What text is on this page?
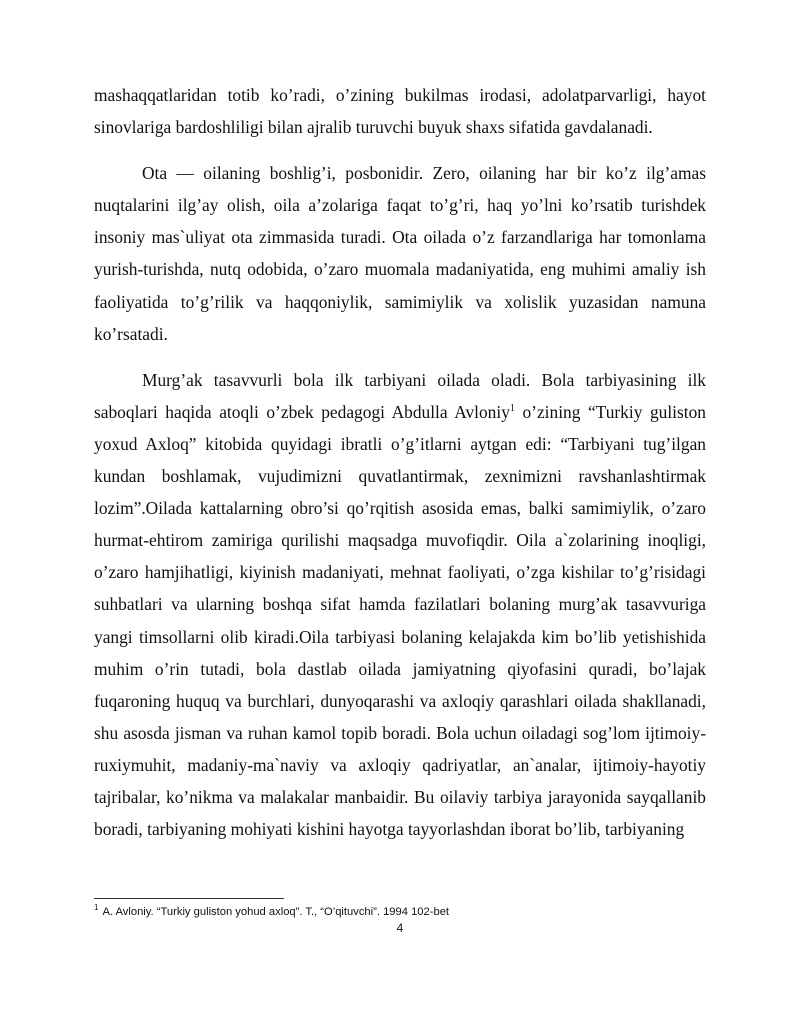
mashaqqatlaridan totib ko’radi, o’zining bukilmas irodasi, adolatparvarligi, hayot sinovlariga bardoshliligi bilan ajralib turuvchi buyuk shaxs sifatida gavdalanadi.

Ota — oilaning boshlig’i, posbonidir. Zero, oilaning har bir ko’z ilg’amas nuqtalarini ilg’ay olish, oila a’zolariga faqat to’g’ri, haq yo’lni ko’rsatib turishdek insoniy mas`uliyat ota zimmasida turadi. Ota oilada o’z farzandlariga har tomonlama yurish-turishda, nutq odobida, o’zaro muomala madaniyatida, eng muhimi amaliy ish faoliyatida to’g’rilik va haqqoniylik, samimiylik va xolislik yuzasidan namuna ko’rsatadi.

Murg’ak tasavvurli bola ilk tarbiyani oilada oladi. Bola tarbiyasining ilk saboqlari haqida atoqli o’zbek pedagogi Abdulla Avloniy$^1$ o’zining “Turkiy guliston yoxud Axloq” kitobida quyidagi ibratli o’g’itlarni aytgan edi: “Tarbiyani tug’ilgan kundan boshlamak, vujudimizni quvatlantirmak, zexnimizni ravshanlashtirmak lozim”.Oilada kattalarning obro’si qo’rqitish asosida emas, balki samimiylik, o’zaro hurmat-ehtirom zamiriga qurilishi maqsadga muvofiqdir. Oila a`zolarining inoqligi, o’zaro hamjihatligi, kiyinish madaniyati, mehnat faoliyati, o’zga kishilar to’g’risidagi suhbatlari va ularning boshqa sifat hamda fazilatlari bolaning murg’ak tasavvuriga yangi timsollarni olib kiradi.Oila tarbiyasi bolaning kelajakda kim bo’lib yetishishida muhim o’rin tutadi, bola dastlab oilada jamiyatning qiyofasini quradi, bo’lajak fuqaroning huquq va burchlari, dunyoqarashi va axloqiy qarashlari oilada shakllanadi, shu asosda jisman va ruhan kamol topib boradi. Bola uchun oiladagi sog’lom ijtimoiy-ruxiymuhit, madaniy-ma`naviy va axloqiy qadriyatlar, an`analar, ijtimoiy-hayotiy tajribalar, ko’nikma va malakalar manbaidir. Bu oilaviy tarbiya jarayonida sayqallanib boradi, tarbiyaning mohiyati kishini hayotga tayyorlashdan iborat bo’lib, tarbiyaning

$^1$ A. Avloniy. “Turkiy guliston yohud axloq”. T., “O’qituvchi”. 1994 102-bet
4
